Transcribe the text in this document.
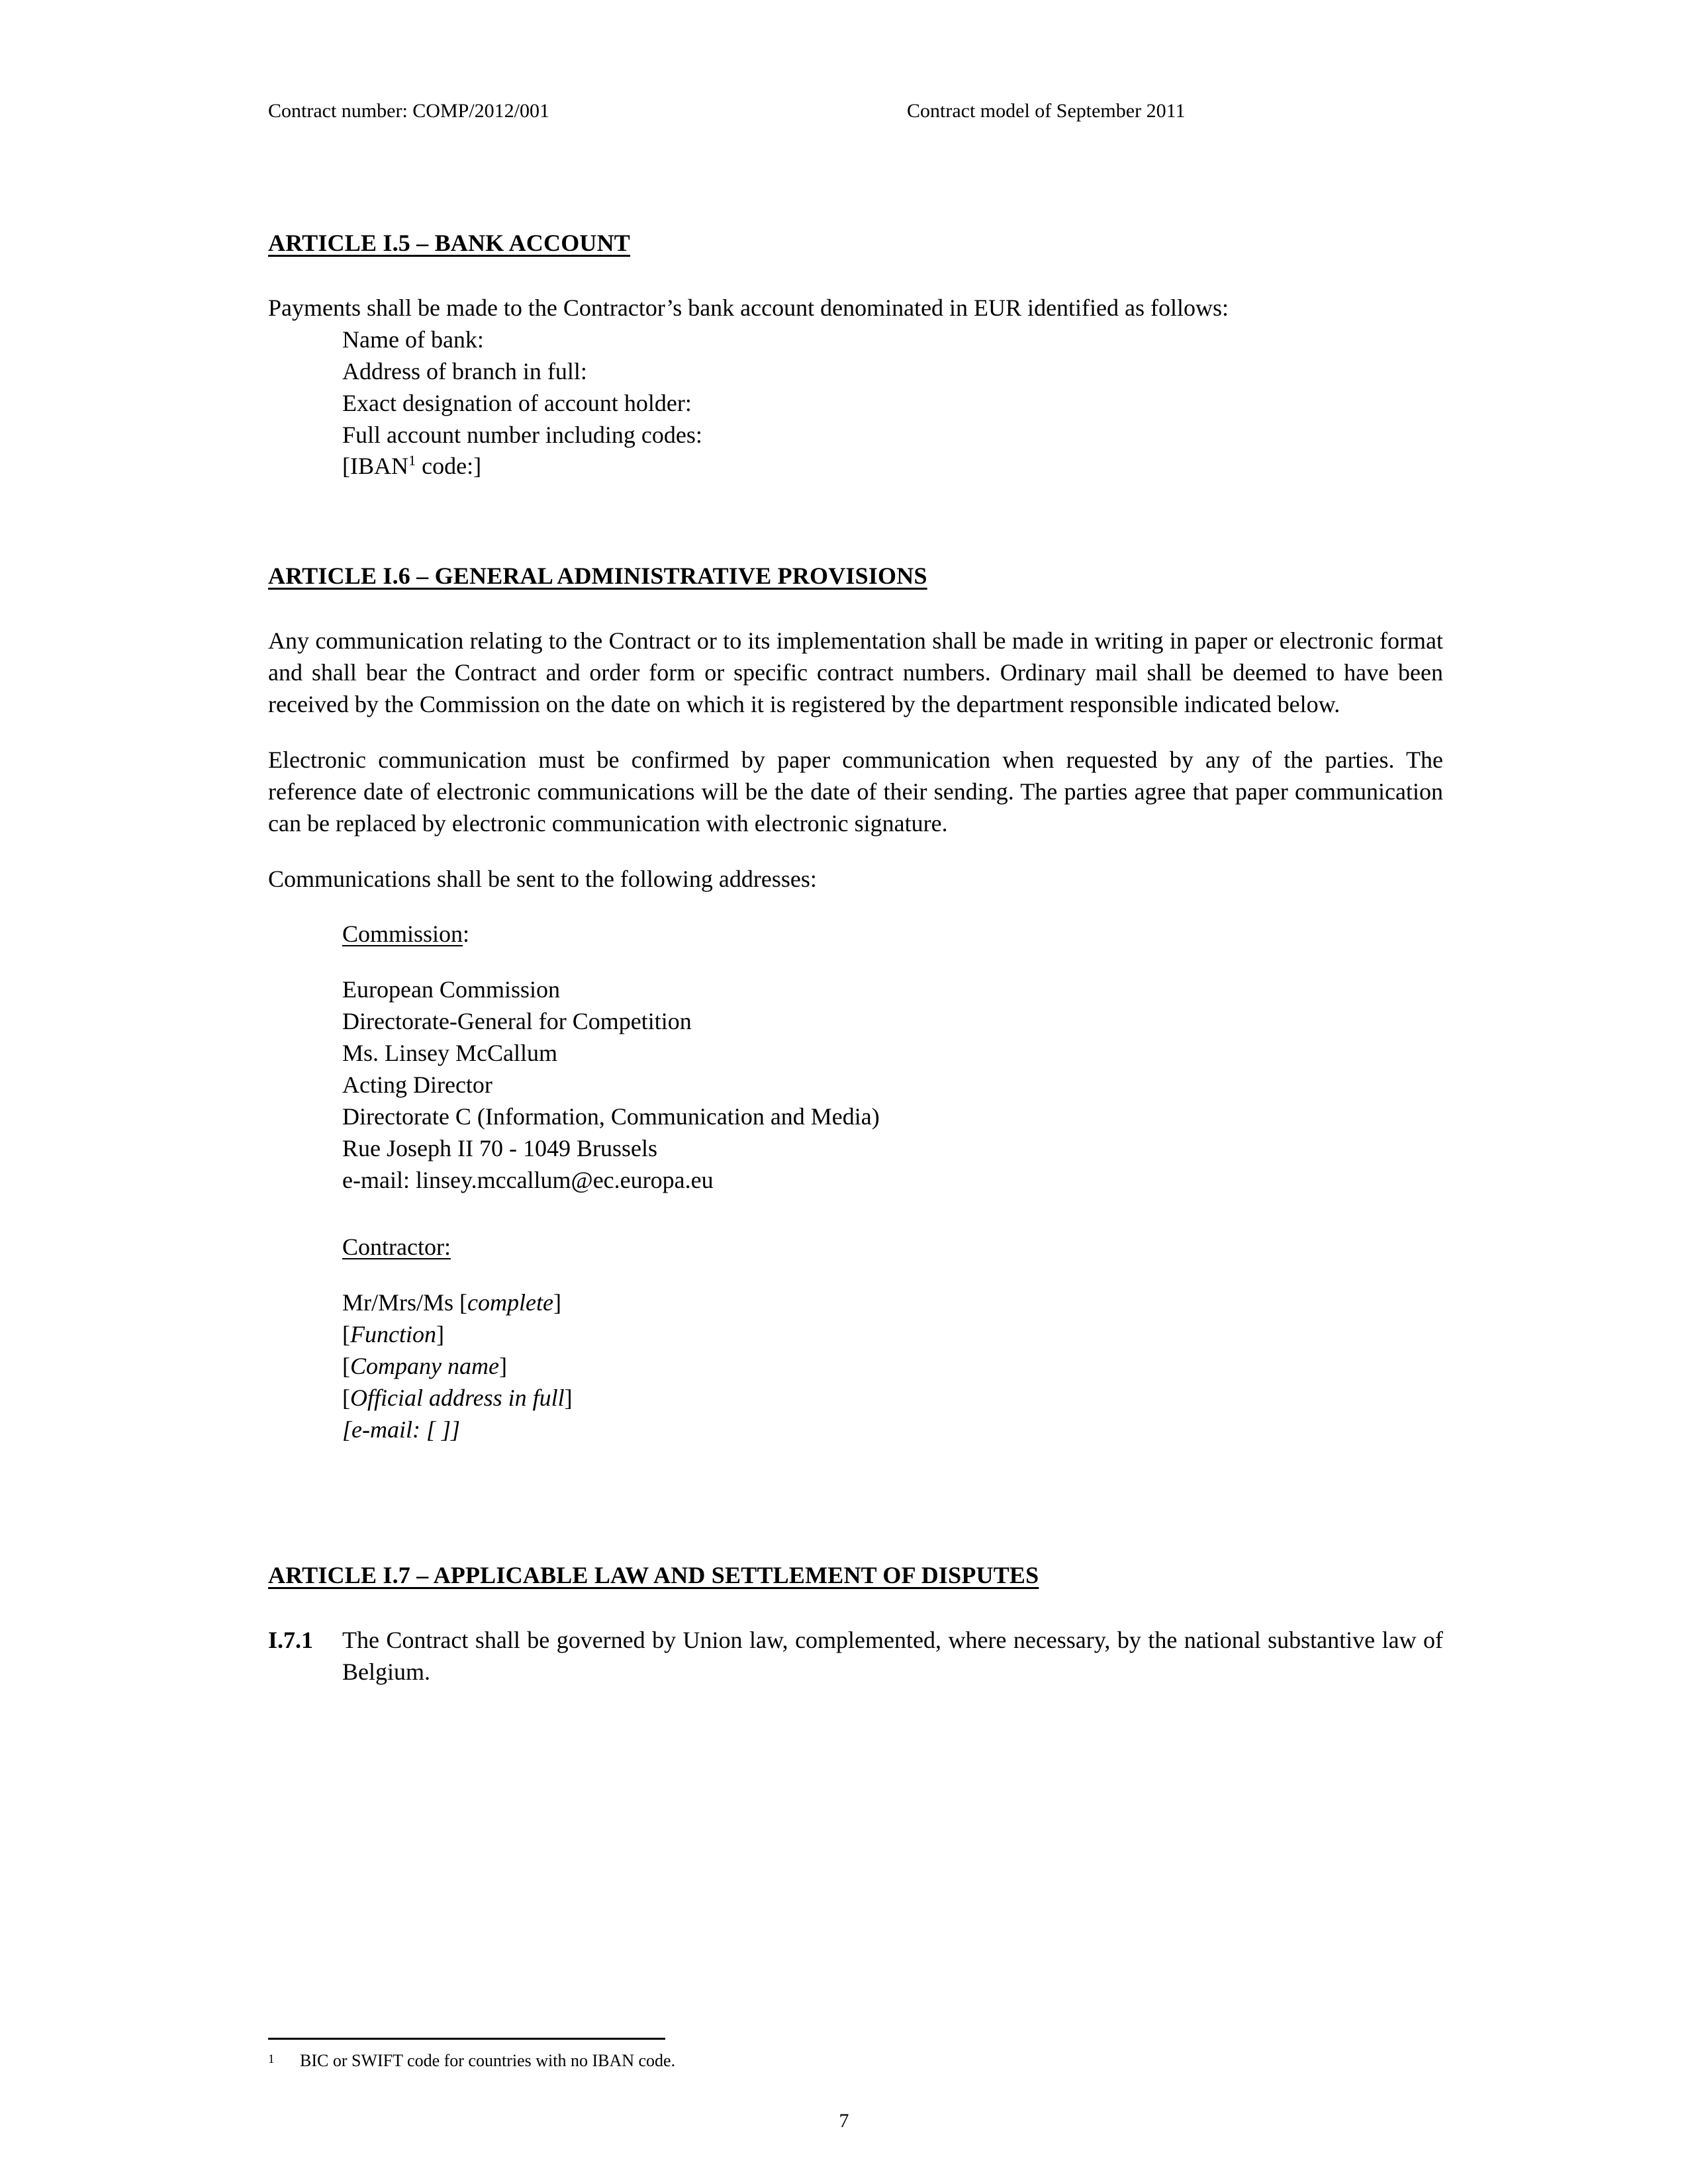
Contract number: COMP/2012/001	Contract model of September 2011
ARTICLE I.5 – BANK ACCOUNT

Payments shall be made to the Contractor’s bank account denominated in EUR identified as follows:

Name of bank:
Address of branch in full:
Exact designation of account holder:
Full account number including codes:
[IBAN$^1$ code:]
ARTICLE I.6 – GENERAL ADMINISTRATIVE PROVISIONS

Any communication relating to the Contract or to its implementation shall be made in writing in paper or electronic format and shall bear the Contract and order form or specific contract numbers. Ordinary mail shall be deemed to have been received by the Commission on the date on which it is registered by the department responsible indicated below.

Electronic communication must be confirmed by paper communication when requested by any of the parties. The reference date of electronic communications will be the date of their sending. The parties agree that paper communication can be replaced by electronic communication with electronic signature.

Communications shall be sent to the following addresses:

Commission:
European Commission
Directorate-General for Competition
Ms. Linsey McCallum
Acting Director
Directorate C (Information, Communication and Media)
Rue Joseph II 70 - 1049 Brussels
e-mail: linsey.mccallum@ec.europa.eu
Contractor:
Mr/Mrs/Ms [complete]
[Function]
[Company name]
[Official address in full]
[e-mail: [ ]]
ARTICLE I.7 – APPLICABLE LAW AND SETTLEMENT OF DISPUTES
I.7.1	The Contract shall be governed by Union law, complemented, where necessary, by the national substantive law of Belgium.
1	BIC or SWIFT code for countries with no IBAN code.
7
